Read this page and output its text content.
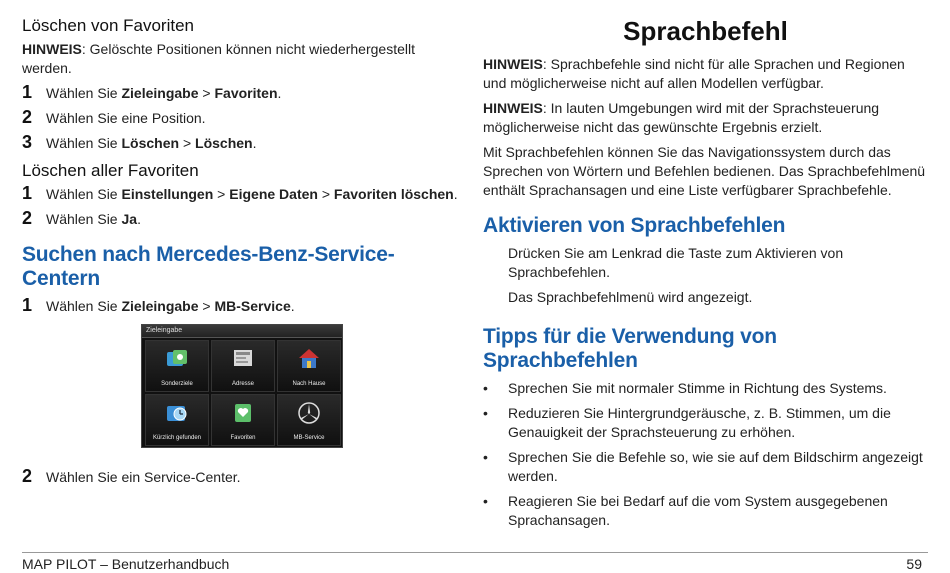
Löschen von Favoriten

HINWEIS: Gelöschte Positionen können nicht wiederhergestellt werden.

1 Wählen Sie Zieleingabe > Favoriten.
2 Wählen Sie eine Position.
3 Wählen Sie Löschen > Löschen.
Löschen aller Favoriten
1 Wählen Sie Einstellungen > Eigene Daten > Favoriten löschen.
2 Wählen Sie Ja.
Suchen nach Mercedes-Benz-Service-Centern
1 Wählen Sie Zieleingabe > MB-Service.
Zieleingabe
Sonderziele	Adresse	Nach Hause
Kürzlich gefunden	Favoriten	MB-Service
2 Wählen Sie ein Service-Center.
Sprachbefehl

HINWEIS: Sprachbefehle sind nicht für alle Sprachen und Regionen und möglicherweise nicht auf allen Modellen verfügbar.

HINWEIS: In lauten Umgebungen wird mit der Sprachsteuerung möglicherweise nicht das gewünschte Ergebnis erzielt.

Mit Sprachbefehlen können Sie das Navigationssystem durch das Sprechen von Wörtern und Befehlen bedienen. Das Sprachbefehlmenü enthält Sprachansagen und eine Liste verfügbarer Sprachbefehle.

Aktivieren von Sprachbefehlen

Drücken Sie am Lenkrad die Taste zum Aktivieren von Sprachbefehlen.

Das Sprachbefehlmenü wird angezeigt.

Tipps für die Verwendung von Sprachbefehlen
• Sprechen Sie mit normaler Stimme in Richtung des Systems.
• Reduzieren Sie Hintergrundgeräusche, z. B. Stimmen, um die Genauigkeit der Sprachsteuerung zu erhöhen.
• Sprechen Sie die Befehle so, wie sie auf dem Bildschirm angezeigt werden.
• Reagieren Sie bei Bedarf auf die vom System ausgegebenen Sprachansagen.
MAP PILOT – Benutzerhandbuch	59
